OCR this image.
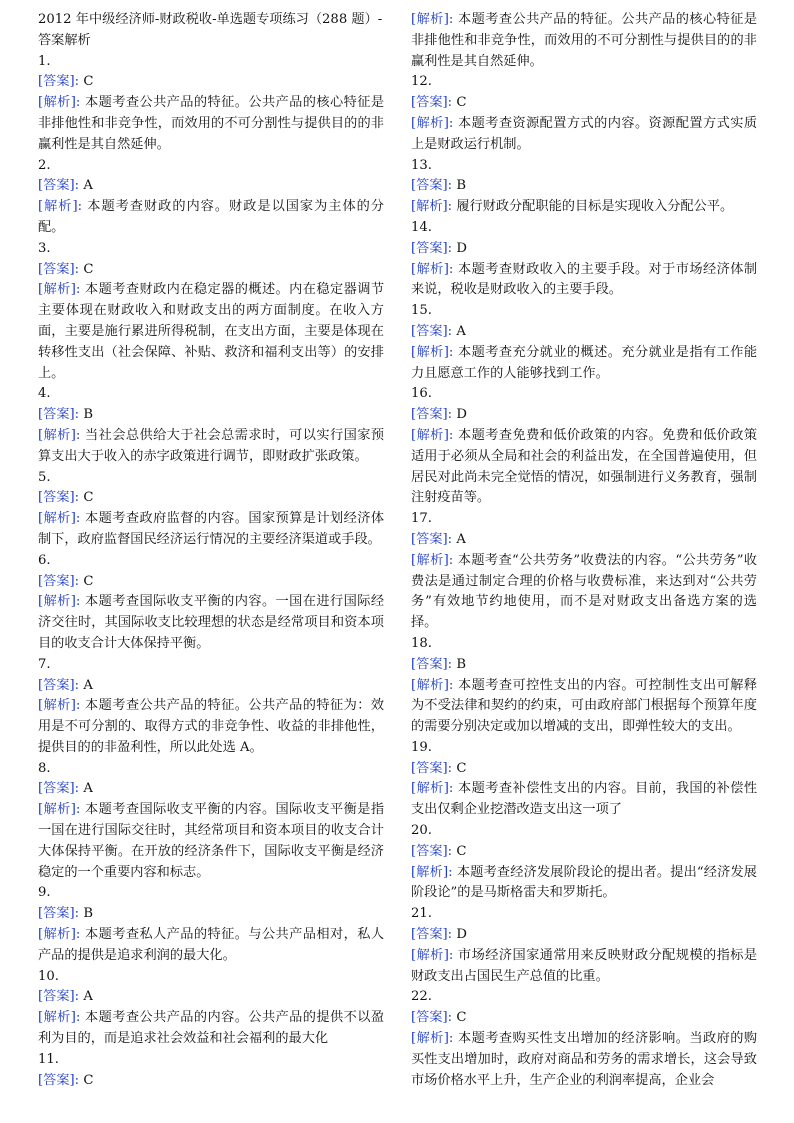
2012 年中级经济师-财政税收-单选题专项练习（288 题）-答案解析

1.

[答案]: C

[解析]: 本题考查公共产品的特征。公共产品的核心特征是非排他性和非竞争性，而效用的不可分割性与提供目的的非赢利性是其自然延伸。

2.

[答案]: A

[解析]: 本题考查财政的内容。财政是以国家为主体的分配。

3.

[答案]: C

[解析]: 本题考查财政内在稳定器的概述。内在稳定器调节主要体现在财政收入和财政支出的两方面制度。在收入方面，主要是施行累进所得税制，在支出方面，主要是体现在转移性支出（社会保障、补贴、救济和福利支出等）的安排上。

4.

[答案]: B

[解析]: 当社会总供给大于社会总需求时，可以实行国家预算支出大于收入的赤字政策进行调节，即财政扩张政策。

5.

[答案]: C

[解析]: 本题考查政府监督的内容。国家预算是计划经济体制下，政府监督国民经济运行情况的主要经济渠道或手段。

6.

[答案]: C

[解析]: 本题考查国际收支平衡的内容。一国在进行国际经济交往时，其国际收支比较理想的状态是经常项目和资本项目的收支合计大体保持平衡。

7.

[答案]: A

[解析]: 本题考查公共产品的特征。公共产品的特征为：效用是不可分割的、取得方式的非竞争性、收益的非排他性，提供目的的非盈利性，所以此处选 A。

8.

[答案]: A

[解析]: 本题考查国际收支平衡的内容。国际收支平衡是指一国在进行国际交往时，其经常项目和资本项目的收支合计大体保持平衡。在开放的经济条件下，国际收支平衡是经济稳定的一个重要内容和标志。

9.

[答案]: B

[解析]: 本题考查私人产品的特征。与公共产品相对，私人产品的提供是追求利润的最大化。

10.

[答案]: A

[解析]: 本题考查公共产品的内容。公共产品的提供不以盈利为目的，而是追求社会效益和社会福利的最大化

11.

[答案]: C

[解析]: 本题考查公共产品的特征。公共产品的核心特征是非排他性和非竞争性，而效用的不可分割性与提供目的的非赢利性是其自然延伸。

12.

[答案]: C

[解析]: 本题考查资源配置方式的内容。资源配置方式实质上是财政运行机制。

13.

[答案]: B

[解析]: 履行财政分配职能的目标是实现收入分配公平。

14.

[答案]: D

[解析]: 本题考查财政收入的主要手段。对于市场经济体制来说，税收是财政收入的主要手段。

15.

[答案]: A

[解析]: 本题考查充分就业的概述。充分就业是指有工作能力且愿意工作的人能够找到工作。

16.

[答案]: D

[解析]: 本题考查免费和低价政策的内容。免费和低价政策适用于必须从全局和社会的利益出发，在全国普遍使用，但居民对此尚未完全觉悟的情况，如强制进行义务教育，强制注射疫苗等。

17.

[答案]: A

[解析]: 本题考查“公共劳务”收费法的内容。“公共劳务”收费法是通过制定合理的价格与收费标准，来达到对“公共劳务”有效地节约地使用，而不是对财政支出备选方案的选择。

18.

[答案]: B

[解析]: 本题考查可控性支出的内容。可控制性支出可解释为不受法律和契约的约束，可由政府部门根据每个预算年度的需要分别决定或加以增减的支出，即弹性较大的支出。

19.

[答案]: C

[解析]: 本题考查补偿性支出的内容。目前，我国的补偿性支出仅剩企业挖潜改造支出这一项了

20.

[答案]: C

[解析]: 本题考查经济发展阶段论的提出者。提出“经济发展阶段论”的是马斯格雷夫和罗斯托。

21.

[答案]: D

[解析]: 市场经济国家通常用来反映财政分配规模的指标是财政支出占国民生产总值的比重。

22.

[答案]: C

[解析]: 本题考查购买性支出增加的经济影响。当政府的购买性支出增加时，政府对商品和劳务的需求增长，这会导致市场价格水平上升，生产企业的利润率提高，企业会
